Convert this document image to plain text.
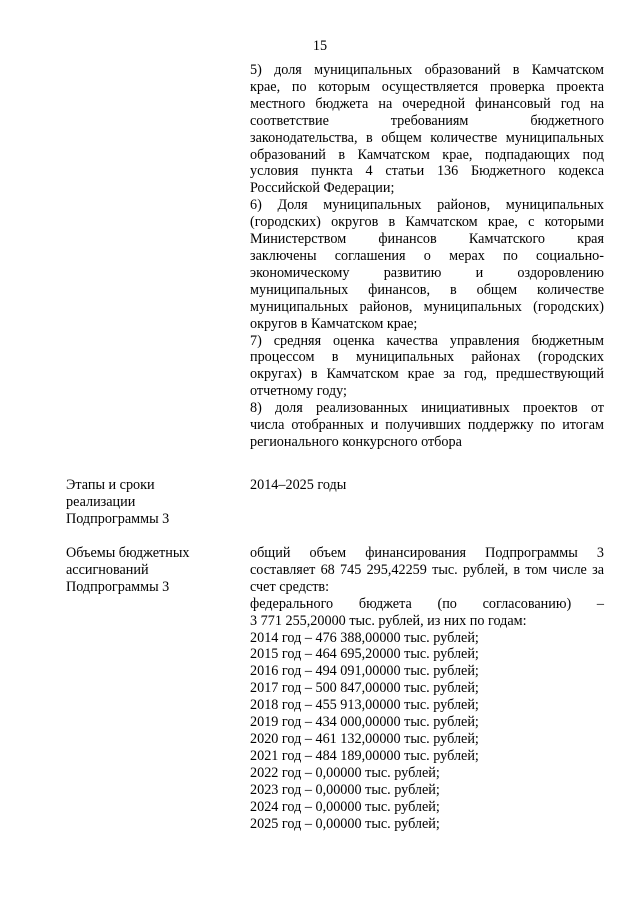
15
5) доля муниципальных образований в Камчатском
крае, по которым осуществляется проверка проекта
местного бюджета на очередной финансовый год на
соответствие требованиям бюджетного
законодательства, в общем количестве муниципальных
образований в Камчатском крае, подпадающих под
условия пункта 4 статьи 136 Бюджетного кодекса
Российской Федерации;
6) Доля муниципальных районов, муниципальных
(городских) округов в Камчатском крае, с которыми
Министерством финансов Камчатского края
заключены соглашения о мерах по социально-
экономическому развитию и оздоровлению
муниципальных финансов, в общем количестве
муниципальных районов, муниципальных (городских)
округов в Камчатском крае;
7) средняя оценка качества управления бюджетным
процессом в муниципальных районах (городских
округах) в Камчатском крае за год, предшествующий
отчетному году;
8) доля реализованных инициативных проектов от
числа отобранных и получивших поддержку по итогам
регионального конкурсного отбора
Этапы и сроки
реализации
Подпрограммы 3
2014–2025 годы
Объемы бюджетных
ассигнований
Подпрограммы 3
общий объем финансирования Подпрограммы 3
составляет 68 745 295,42259 тыс. рублей, в том числе за
счет средств:
федерального бюджета (по согласованию) –
3 771 255,20000 тыс. рублей, из них по годам:
2014 год – 476 388,00000 тыс. рублей;
2015 год – 464 695,20000 тыс. рублей;
2016 год – 494 091,00000 тыс. рублей;
2017 год – 500 847,00000 тыс. рублей;
2018 год – 455 913,00000 тыс. рублей;
2019 год – 434 000,00000 тыс. рублей;
2020 год – 461 132,00000 тыс. рублей;
2021 год – 484 189,00000 тыс. рублей;
2022 год – 0,00000 тыс. рублей;
2023 год – 0,00000 тыс. рублей;
2024 год – 0,00000 тыс. рублей;
2025 год – 0,00000 тыс. рублей;
